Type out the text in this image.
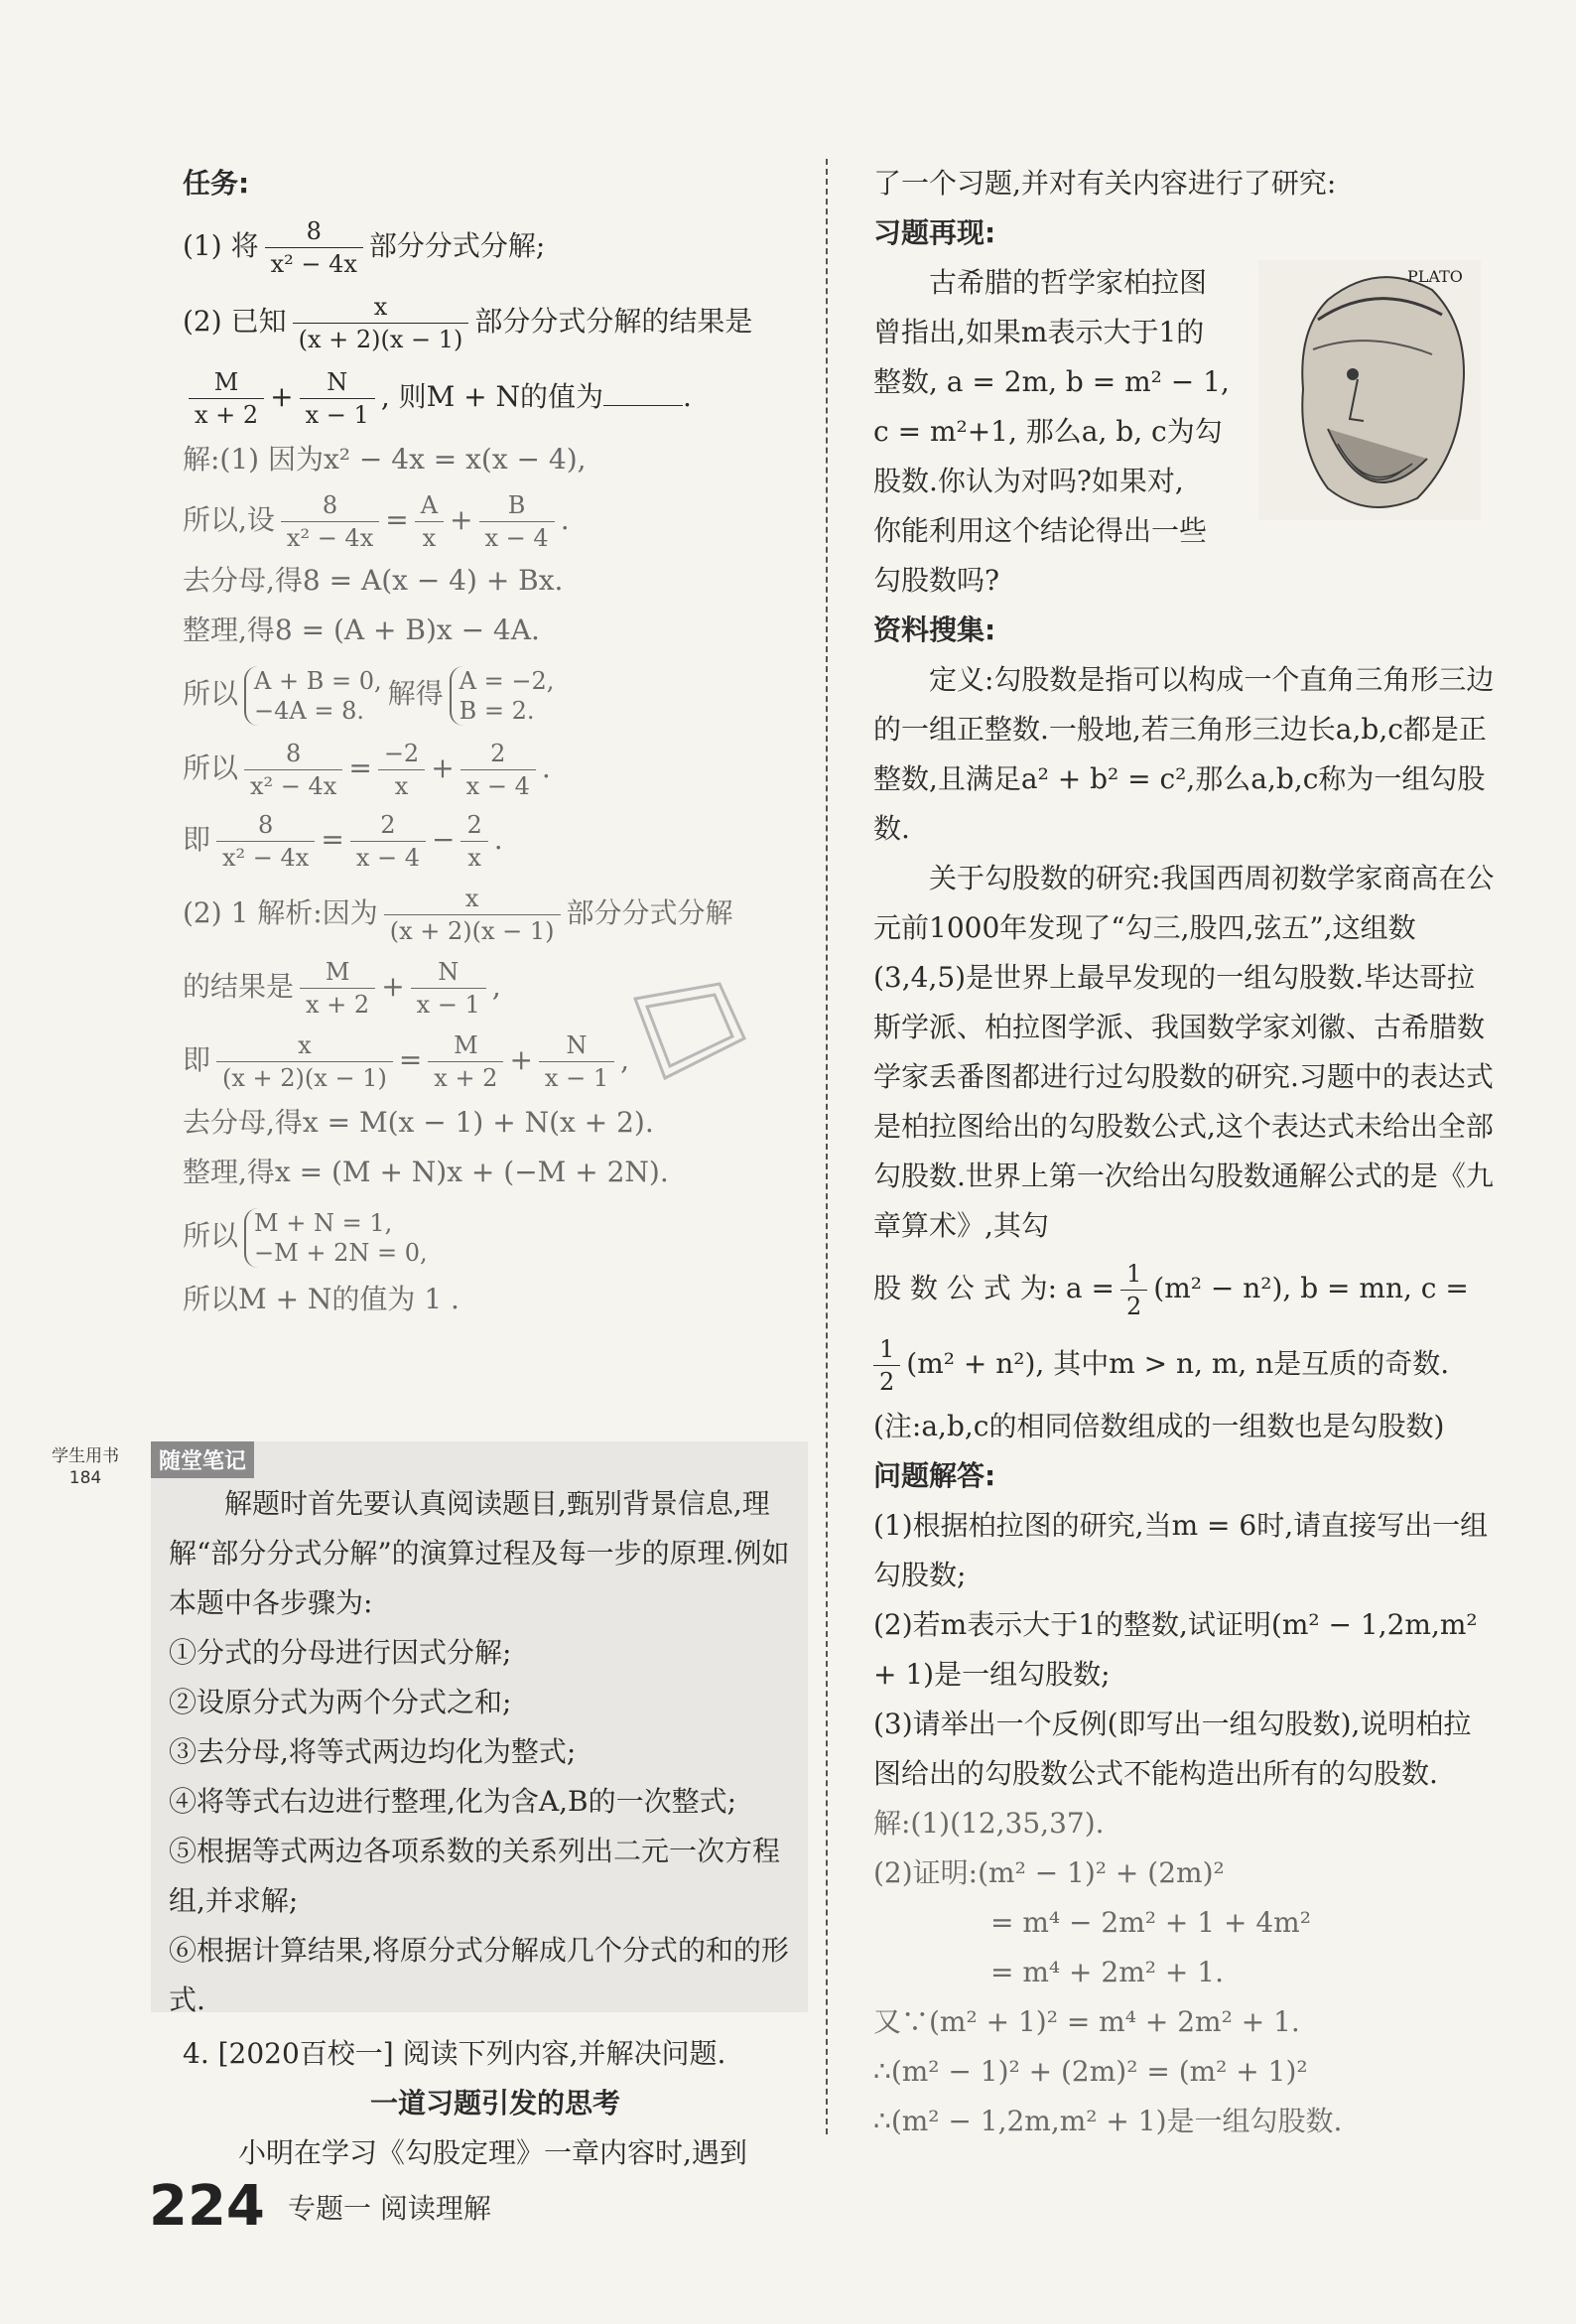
任务:
(1) 将 $\frac{8}{\text{x² − 4x}}$ 部分分式分解;
(2) 已知 $\frac{x}{(x + 2)(x - 1)}$ 部分分式分解的结果是
$\frac{M}{x + 2} + \frac{N}{x - 1}$ , 则M + N的值为	.
解:(1) 因为x² − 4x = x(x − 4),
所以,设 $\frac{8}{\text{x² − 4x}} = \frac{A}{x} + \frac{B}{x - 4}$ .
去分母,得8 = A(x − 4) + Bx.
整理,得8 = (A + B)x − 4A.
所以 A + B = 0,
−4A = 8.
解得 A = −2,
B = 2.
所以 $\frac{8}{\text{x² − 4x}} = \frac{-2}{x} + \frac{2}{x - 4}$ .
即 $\frac{8}{\text{x² − 4x}} = \frac{2}{x - 4} - \frac{2}{x}$ .
(2) 1 解析:因为 $\frac{x}{(x + 2)(x - 1)}$ 部分分式分解
的结果是 $\frac{M}{x + 2} + \frac{N}{x - 1}$ ,
即 $\frac{x}{(x + 2)(x - 1)} = \frac{M}{x + 2} + \frac{N}{x - 1}$ ,
去分母,得x = M(x − 1) + N(x + 2).
整理,得x = (M + N)x + (−M + 2N).
所以 M + N = 1,
−M + 2N = 0,
所以M + N的值为 1 .
学生用书
184
随堂笔记
解题时首先要认真阅读题目,甄别背景信息,理解“部分分式分解”的演算过程及每一步的原理.例如本题中各步骤为:
①分式的分母进行因式分解;
②设原分式为两个分式之和;
③去分母,将等式两边均化为整式;
④将等式右边进行整理,化为含A,B的一次整式;
⑤根据等式两边各项系数的关系列出二元一次方程组,并求解;
⑥根据计算结果,将原分式分解成几个分式的和的形式.
4. [2020百校一] 阅读下列内容,并解决问题.
一道习题引发的思考
小明在学习《勾股定理》一章内容时,遇到
了一个习题,并对有关内容进行了研究:
习题再现:
古希腊的哲学家柏拉图
曾指出,如果m表示大于1的
整数, a = 2m, b = m² − 1,
c = m²+1, 那么a, b, c为勾
股数.你认为对吗?如果对,
你能利用这个结论得出一些
勾股数吗?
资料搜集:
定义:勾股数是指可以构成一个直角三角形三边的一组正整数.一般地,若三角形三边长a,b,c都是正整数,且满足a² + b² = c²,那么a,b,c称为一组勾股数.
关于勾股数的研究:我国西周初数学家商高在公元前1000年发现了“勾三,股四,弦五”,这组数(3,4,5)是世界上最早发现的一组勾股数.毕达哥拉斯学派、柏拉图学派、我国数学家刘徽、古希腊数学家丢番图都进行过勾股数的研究.习题中的表达式是柏拉图给出的勾股数公式,这个表达式未给出全部勾股数.世界上第一次给出勾股数通解公式的是《九章算术》,其勾
股 数 公 式 为: $a = \frac{1}{2} (m^2 - n^2)$, b = mn, c =
$\frac{1}{2} (m^2 + n^2)$, 其中m > n, m, n是互质的奇数.
(注:a,b,c的相同倍数组成的一组数也是勾股数)
问题解答:
(1)根据柏拉图的研究,当m = 6时,请直接写出一组勾股数;
(2)若m表示大于1的整数,试证明(m² − 1,2m,m² + 1)是一组勾股数;
(3)请举出一个反例(即写出一组勾股数),说明柏拉图给出的勾股数公式不能构造出所有的勾股数.
解:(1)(12,35,37).
(2)证明:(m² − 1)² + (2m)²
= m⁴ − 2m² + 1 + 4m²
= m⁴ + 2m² + 1.
又∵(m² + 1)² = m⁴ + 2m² + 1.
∴(m² − 1)² + (2m)² = (m² + 1)²
∴(m² − 1,2m,m² + 1)是一组勾股数.
PLATO
224 专题一 阅读理解
